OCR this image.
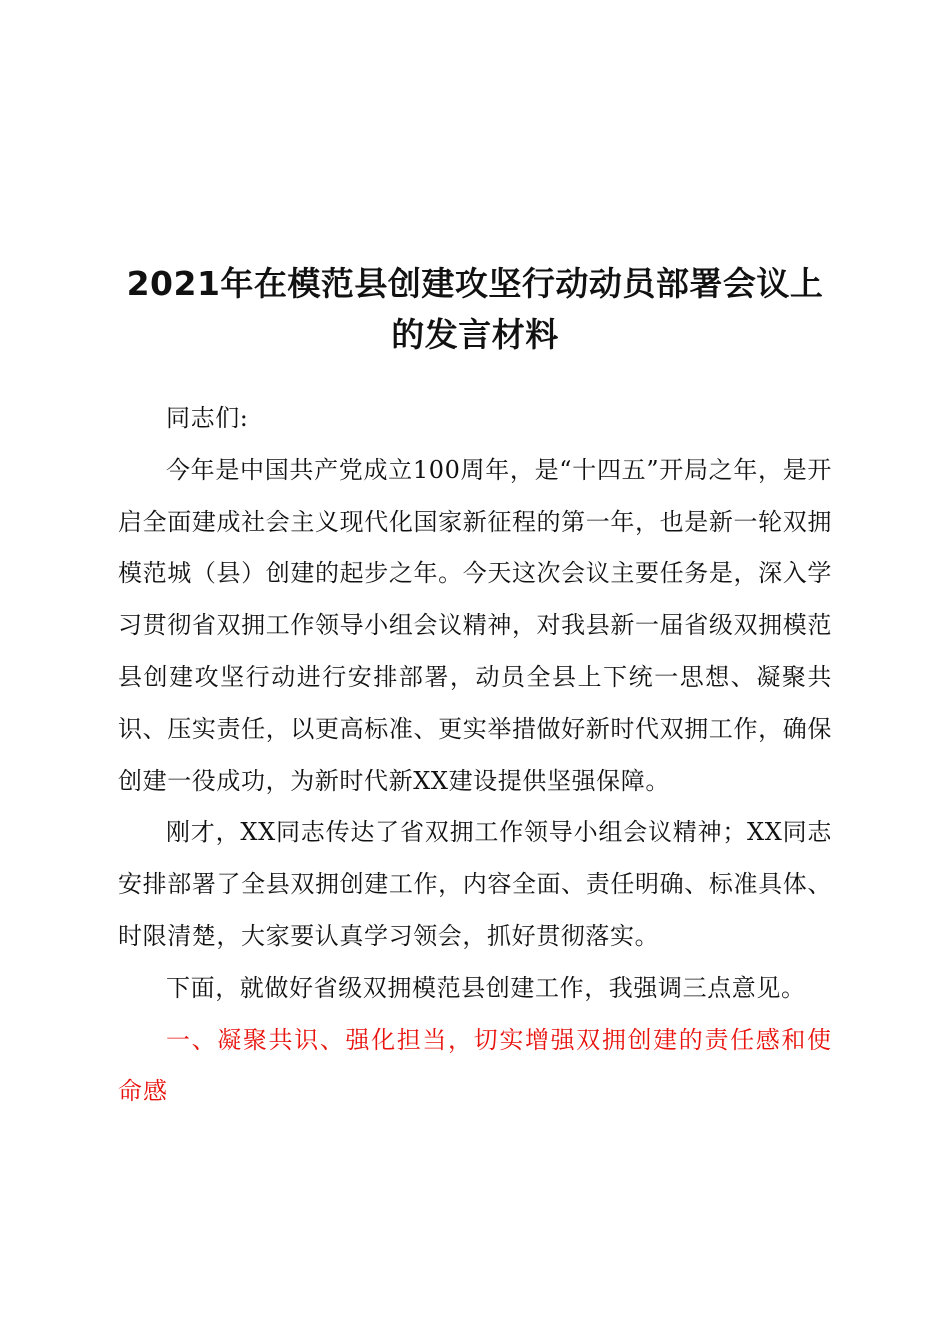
2021年在模范县创建攻坚行动动员部署会议上的发言材料

同志们:

今年是中国共产党成立100周年，是“十四五”开局之年，是开启全面建成社会主义现代化国家新征程的第一年，也是新一轮双拥模范城（县）创建的起步之年。今天这次会议主要任务是，深入学习贯彻省双拥工作领导小组会议精神，对我县新一届省级双拥模范县创建攻坚行动进行安排部署，动员全县上下统一思想、凝聚共识、压实责任，以更高标准、更实举措做好新时代双拥工作，确保创建一役成功，为新时代新XX建设提供坚强保障。

刚才，XX同志传达了省双拥工作领导小组会议精神；XX同志安排部署了全县双拥创建工作，内容全面、责任明确、标准具体、时限清楚，大家要认真学习领会，抓好贯彻落实。

下面，就做好省级双拥模范县创建工作，我强调三点意见。

一、凝聚共识、强化担当，切实增强双拥创建的责任感和使命感
